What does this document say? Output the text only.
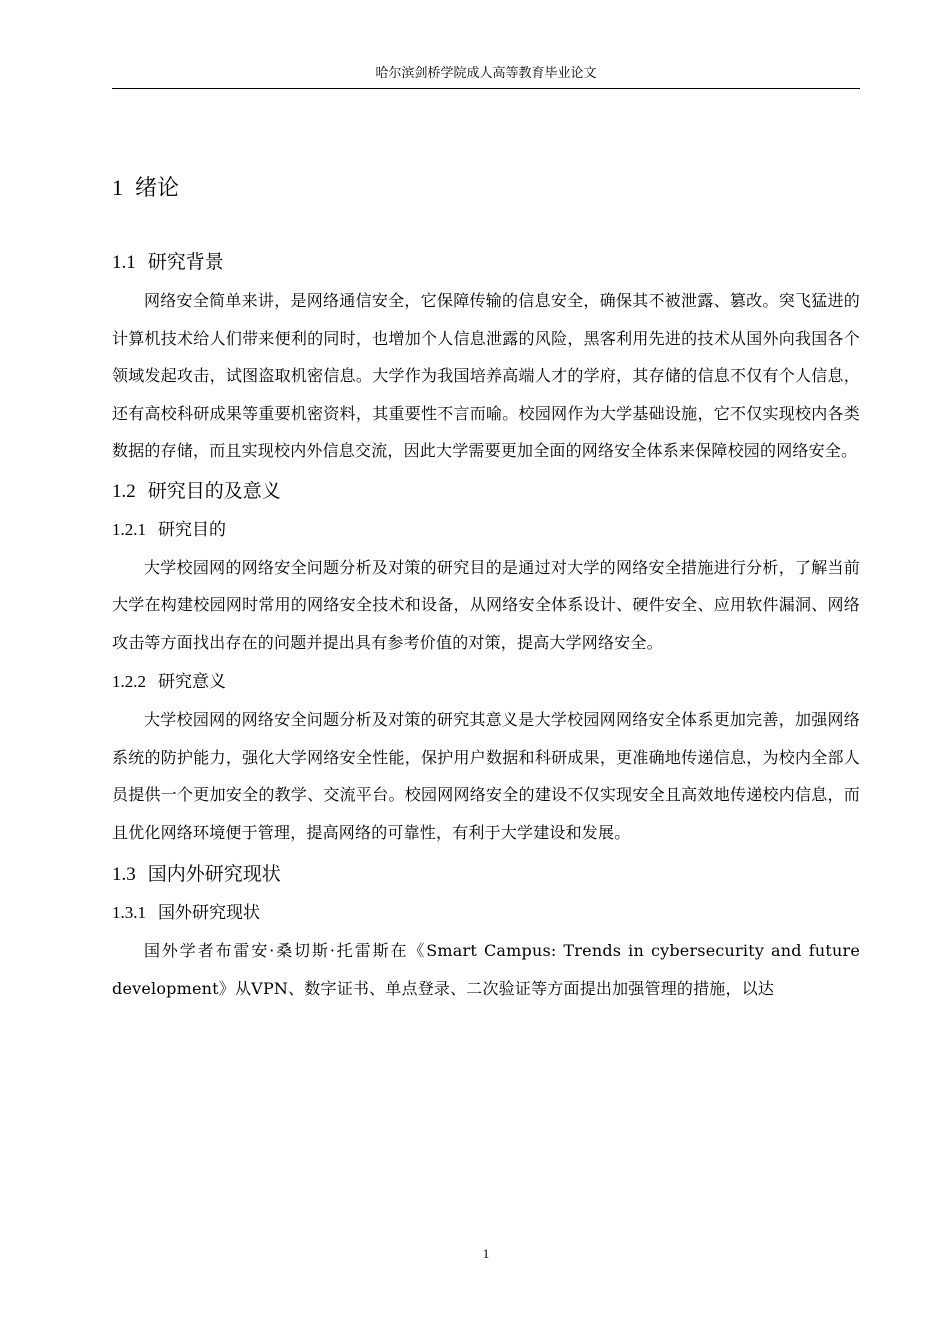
哈尔滨剑桥学院成人高等教育毕业论文
1 绪论
1.1 研究背景

网络安全简单来讲，是网络通信安全，它保障传输的信息安全，确保其不被泄露、篡改。突飞猛进的计算机技术给人们带来便利的同时，也增加个人信息泄露的风险，黑客利用先进的技术从国外向我国各个领域发起攻击，试图盗取机密信息。大学作为我国培养高端人才的学府，其存储的信息不仅有个人信息，还有高校科研成果等重要机密资料，其重要性不言而喻。校园网作为大学基础设施，它不仅实现校内各类数据的存储，而且实现校内外信息交流，因此大学需要更加全面的网络安全体系来保障校园的网络安全。

1.2 研究目的及意义
1.2.1 研究目的

大学校园网的网络安全问题分析及对策的研究目的是通过对大学的网络安全措施进行分析，了解当前大学在构建校园网时常用的网络安全技术和设备，从网络安全体系设计、硬件安全、应用软件漏洞、网络攻击等方面找出存在的问题并提出具有参考价值的对策，提高大学网络安全。

1.2.2 研究意义

大学校园网的网络安全问题分析及对策的研究其意义是大学校园网网络安全体系更加完善，加强网络系统的防护能力，强化大学网络安全性能，保护用户数据和科研成果，更准确地传递信息，为校内全部人员提供一个更加安全的教学、交流平台。校园网网络安全的建设不仅实现安全且高效地传递校内信息，而且优化网络环境便于管理，提高网络的可靠性，有利于大学建设和发展。

1.3 国内外研究现状
1.3.1 国外研究现状

国外学者布雷安·桑切斯·托雷斯在《Smart Campus: Trends in cybersecurity and future development》从VPN、数字证书、单点登录、二次验证等方面提出加强管理的措施，以达

1
